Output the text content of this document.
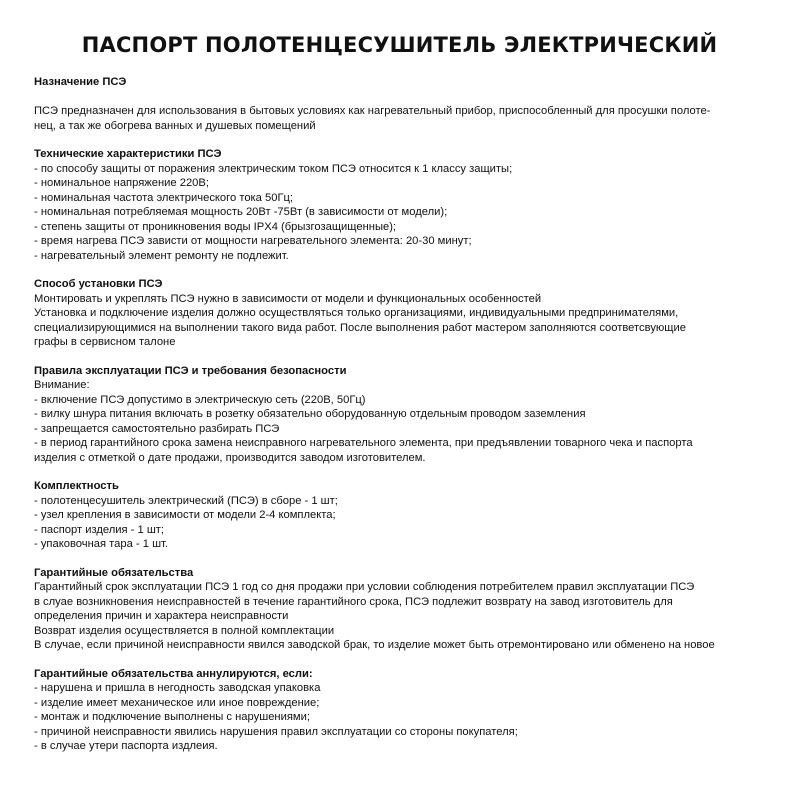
ПАСПОРТ ПОЛОТЕНЦЕСУШИТЕЛЬ ЭЛЕКТРИЧЕСКИЙ

Назначение ПСЭ

ПСЭ предназначен для использования в бытовых условиях как нагревательный прибор, приспособленный для просушки полоте-

нец, а так же обогрева ванных и душевых помещений

Технические характеристики ПСЭ

- по способу защиты от поражения электрическим током ПСЭ относится к 1 классу защиты;

- номинальное напряжение 220В;

- номинальная частота электрического тока 50Гц;

- номинальная потребляемая мощность 20Вт -75Вт (в зависимости от модели);

- степень защиты от проникновения воды IPX4 (брызгозащищенные);

- время нагрева ПСЭ зависти от мощности нагревательного элемента: 20-30 минут;

- нагревательный элемент ремонту не подлежит.

Способ установки ПСЭ

Монтировать и укреплять ПСЭ нужно в зависимости от модели и функциональных особенностей

Установка и подключение изделия должно осуществляться только организациями, индивидуальными предпринимателями,

специализирующимися на выполнении такого вида работ. После выполнения работ мастером заполняются соответсвующие

графы в сервисном талоне

Правила эксплуатации ПСЭ и требования безопасности

Внимание:

- включение ПСЭ допустимо в электрическую сеть (220В, 50Гц)

- вилку шнура питания включать в розетку обязательно оборудованную отдельным проводом заземления

- запрещается самостоятельно разбирать ПСЭ

- в период гарантийного срока замена неисправного нагревательного элемента, при предъявлении товарного чека и паспорта

изделия с отметкой о дате продажи, производится заводом изготовителем.

Комплектность

- полотенцесушитель электрический (ПСЭ) в сборе - 1 шт;

- узел крепления в зависимости от модели 2-4 комплекта;

- паспорт изделия - 1 шт;

- упаковочная тара - 1 шт.

Гарантийные обязательства

Гарантийный срок эксплуатации ПСЭ 1 год со дня продажи при условии соблюдения потребителем правил эксплуатации ПСЭ

в слуае возникновения неисправностей в течение гарантийного срока, ПСЭ подлежит возврату на завод изготовитель для

определения причин и характера неисправности

Возврат изделия осуществляется в полной комплектации

В случае, если причиной неисправности явился заводской брак, то изделие может быть отремонтировано или обменено на новое

Гарантийные обязательства аннулируются, если:

- нарушена и пришла в негодность заводская упаковка

- изделие имеет механическое или иное повреждение;

- монтаж и подключение выполнены с нарушениями;

- причиной неисправности явились нарушения правил эксплуатации со стороны покупателя;

- в случае утери паспорта издлеия.
